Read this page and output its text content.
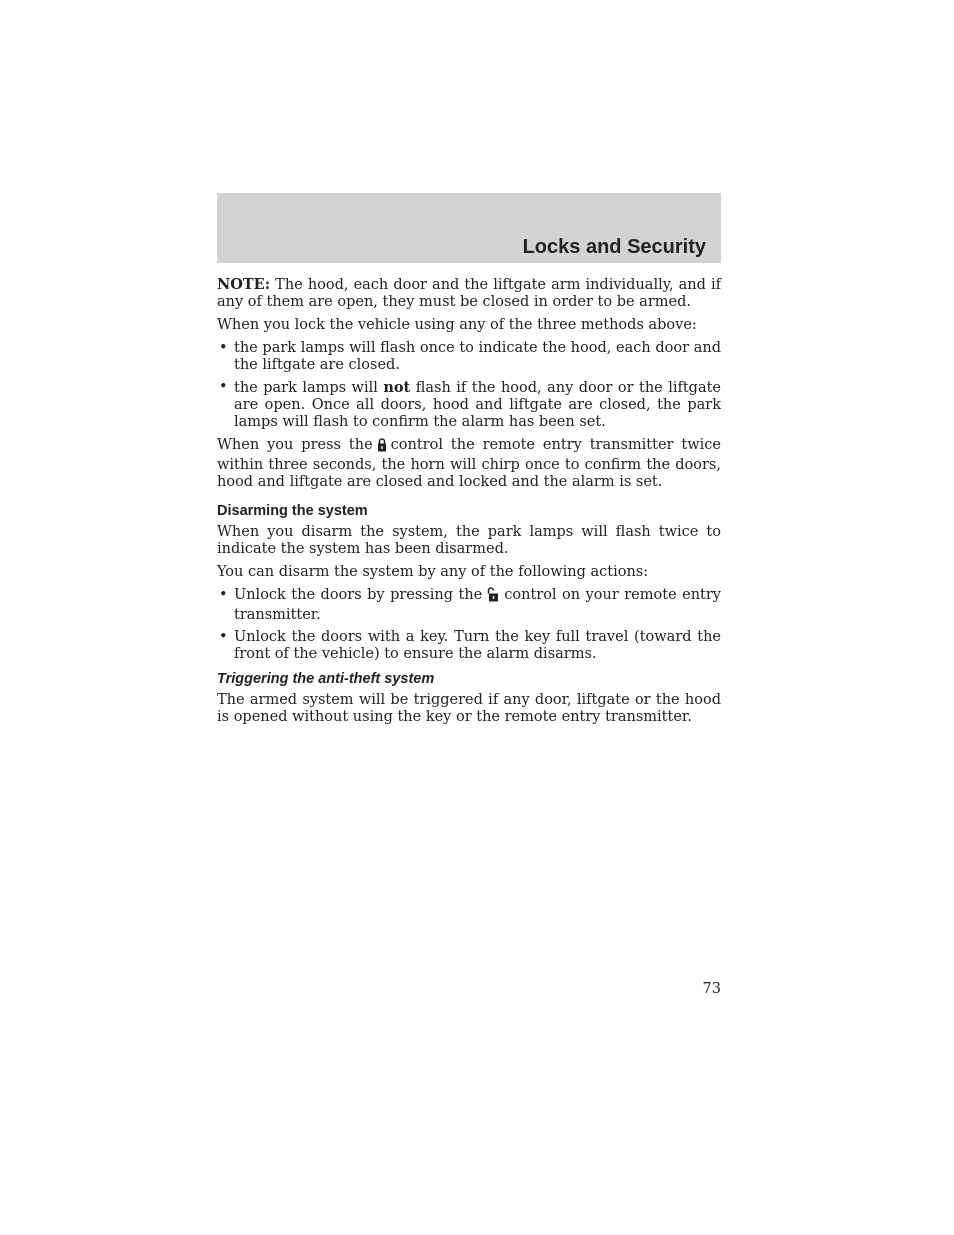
Locks and Security

NOTE: The hood, each door and the liftgate arm individually, and if any of them are open, they must be closed in order to be armed.

When you lock the vehicle using any of the three methods above:

• the park lamps will flash once to indicate the hood, each door and the liftgate are closed.
• the park lamps will not flash if the hood, any door or the liftgate are open. Once all doors, hood and liftgate are closed, the park lamps will flash to confirm the alarm has been set.

When you press the control the remote entry transmitter twice within three seconds, the horn will chirp once to confirm the doors, hood and liftgate are closed and locked and the alarm is set.

Disarming the system

When you disarm the system, the park lamps will flash twice to indicate the system has been disarmed.

You can disarm the system by any of the following actions:

• Unlock the doors by pressing the control on your remote entry transmitter.
• Unlock the doors with a key. Turn the key full travel (toward the front of the vehicle) to ensure the alarm disarms.
Triggering the anti-theft system

The armed system will be triggered if any door, liftgate or the hood is opened without using the key or the remote entry transmitter.

73
